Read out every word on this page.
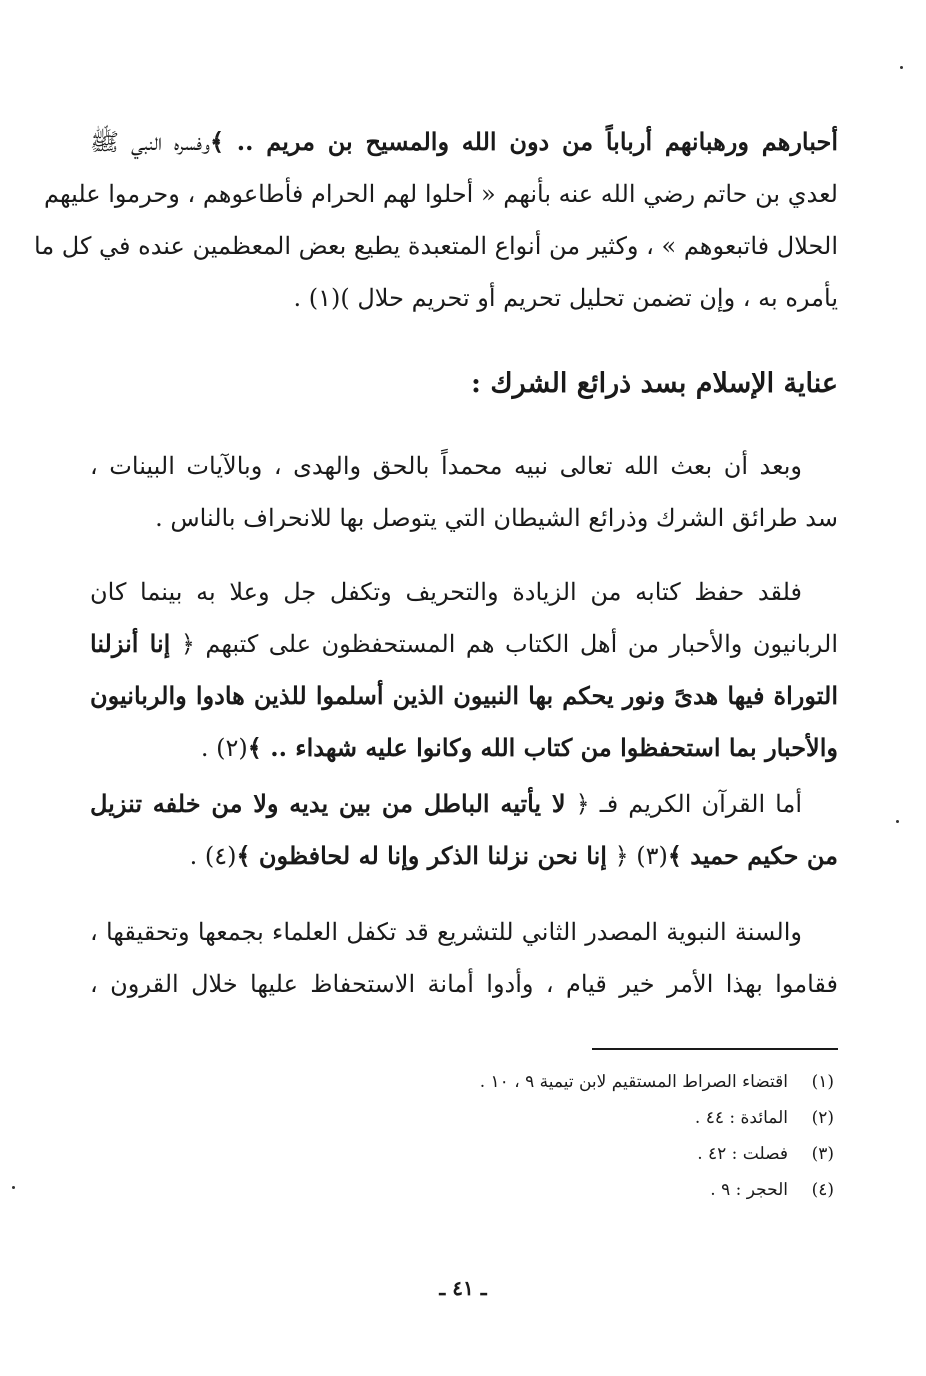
أحبارهم ورهبانهم أرباباً من دون الله والمسيح بن مريم .. ﴾وفسره النبي ﷺ
لعدي بن حاتم رضي الله عنه بأنهم « أحلوا لهم الحرام فأطاعوهم ، وحرموا عليهم
الحلال فاتبعوهم » ، وكثير من أنواع المتعبدة يطيع بعض المعظمين عنده في كل ما
يأمره به ، وإن تضمن تحليل تحريم أو تحريم حلال )(١) .
عناية الإسلام بسد ذرائع الشرك :
وبعد أن بعث الله تعالى نبيه محمداً بالحق والهدى ، وبالآيات البينات ،
سد طرائق الشرك وذرائع الشيطان التي يتوصل بها للانحراف بالناس .
فلقد حفظ كتابه من الزيادة والتحريف وتكفل جل وعلا به بينما كان
الربانيون والأحبار من أهل الكتاب هم المستحفظون على كتبهم ﴿ إنا أنزلنا
التوراة فيها هدىً ونور يحكم بها النبيون الذين أسلموا للذين هادوا والربانيون
والأحبار بما استحفظوا من كتاب الله وكانوا عليه شهداء .. ﴾(٢) .
أما القرآن الكريم فـ ﴿ لا يأتيه الباطل من بين يديه ولا من خلفه تنزيل
من حكيم حميد ﴾(٣) ﴿ إنا نحن نزلنا الذكر وإنا له لحافظون ﴾(٤) .
والسنة النبوية المصدر الثاني للتشريع قد تكفل العلماء بجمعها وتحقيقها ،
فقاموا بهذا الأمر خير قيام ، وأدوا أمانة الاستحفاظ عليها خلال القرون ،
(١)اقتضاء الصراط المستقيم لابن تيمية ٩ ، ١٠ .
(٢)المائدة : ٤٤ .
(٣)فصلت : ٤٢ .
(٤)الحجر : ٩ .
ـ ٤١ ـ
